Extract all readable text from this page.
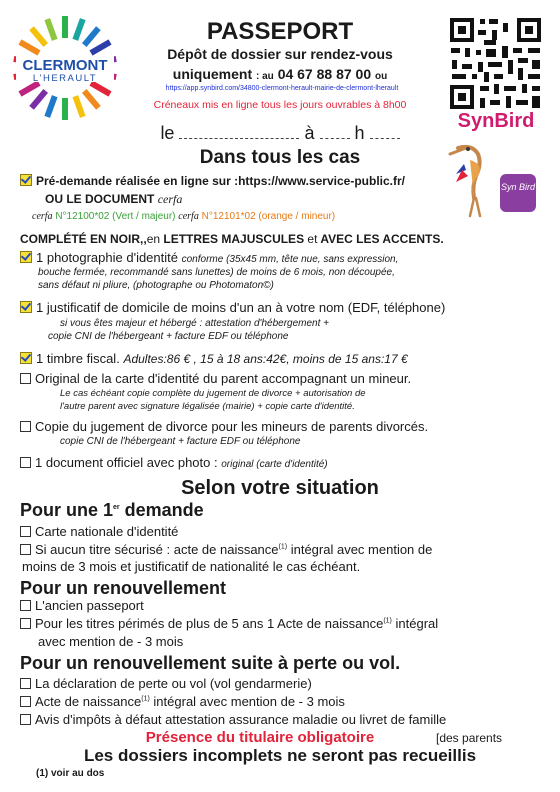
CLERMONT
L'HERAULT
PASSEPORT
Dépôt de dossier sur rendez-vous
uniquement : au 04 67 88 87 00 ou
https://app.synbird.com/34800-clermont-herault-mairie-de-clermont-lherault
Créneaux mis en ligne tous les jours ouvrables à 8h00
SynBird
Syn Bird
le	à h
Dans tous les cas
Pré-demande réalisée en ligne sur :https://www.service-public.fr/
OU LE DOCUMENT cerfa
cerfa N°12100*02 (Vert / majeur) cerfa N°12101*02 (orange / mineur)
COMPLÉTÉ EN NOIR,,en LETTRES MAJUSCULES et AVEC LES ACCENTS.
1 photographie d'identité conforme (35x45 mm, tête nue, sans expression,
bouche fermée, recommandé sans lunettes) de moins de 6 mois, non découpée,
sans défaut ni pliure, (photographe ou Photomaton©)
1 justificatif de domicile de moins d'un an à votre nom (EDF, téléphone)
si vous êtes majeur et hébergé : attestation d'hébergement +
copie CNI de l'hébergeant + facture EDF ou téléphone
1 timbre fiscal. Adultes:86 € , 15 à 18 ans:42€, moins de 15 ans:17 €
Original de la carte d'identité du parent accompagnant un mineur.
Le cas échéant copie complète du jugement de divorce + autorisation de
l'autre parent avec signature légalisée (mairie) + copie carte d'identité.
Copie du jugement de divorce pour les mineurs de parents divorcés.
copie CNI de l'hébergeant + facture EDF ou téléphone
1 document officiel avec photo : original (carte d'identité)
Selon votre situation
Pour une 1er demande
Carte nationale d'identité
Si aucun titre sécurisé : acte de naissance$^{(1)}$ intégral avec mention de
moins de 3 mois et justificatif de nationalité le cas échéant.
Pour un renouvellement
L'ancien passeport
Pour les titres périmés de plus de 5 ans 1 Acte de naissance$^{(1)}$ intégral
avec mention de - 3 mois
Pour un renouvellement suite à perte ou vol.
La déclaration de perte ou vol (vol gendarmerie)
Acte de naissance$^{(1)}$ intégral avec mention de - 3 mois
Avis d'impôts à défaut attestation assurance maladie ou livret de famille
Présence du titulaire obligatoire	[des parents
Les dossiers incomplets ne seront pas recueillis
(1) voir au dos
